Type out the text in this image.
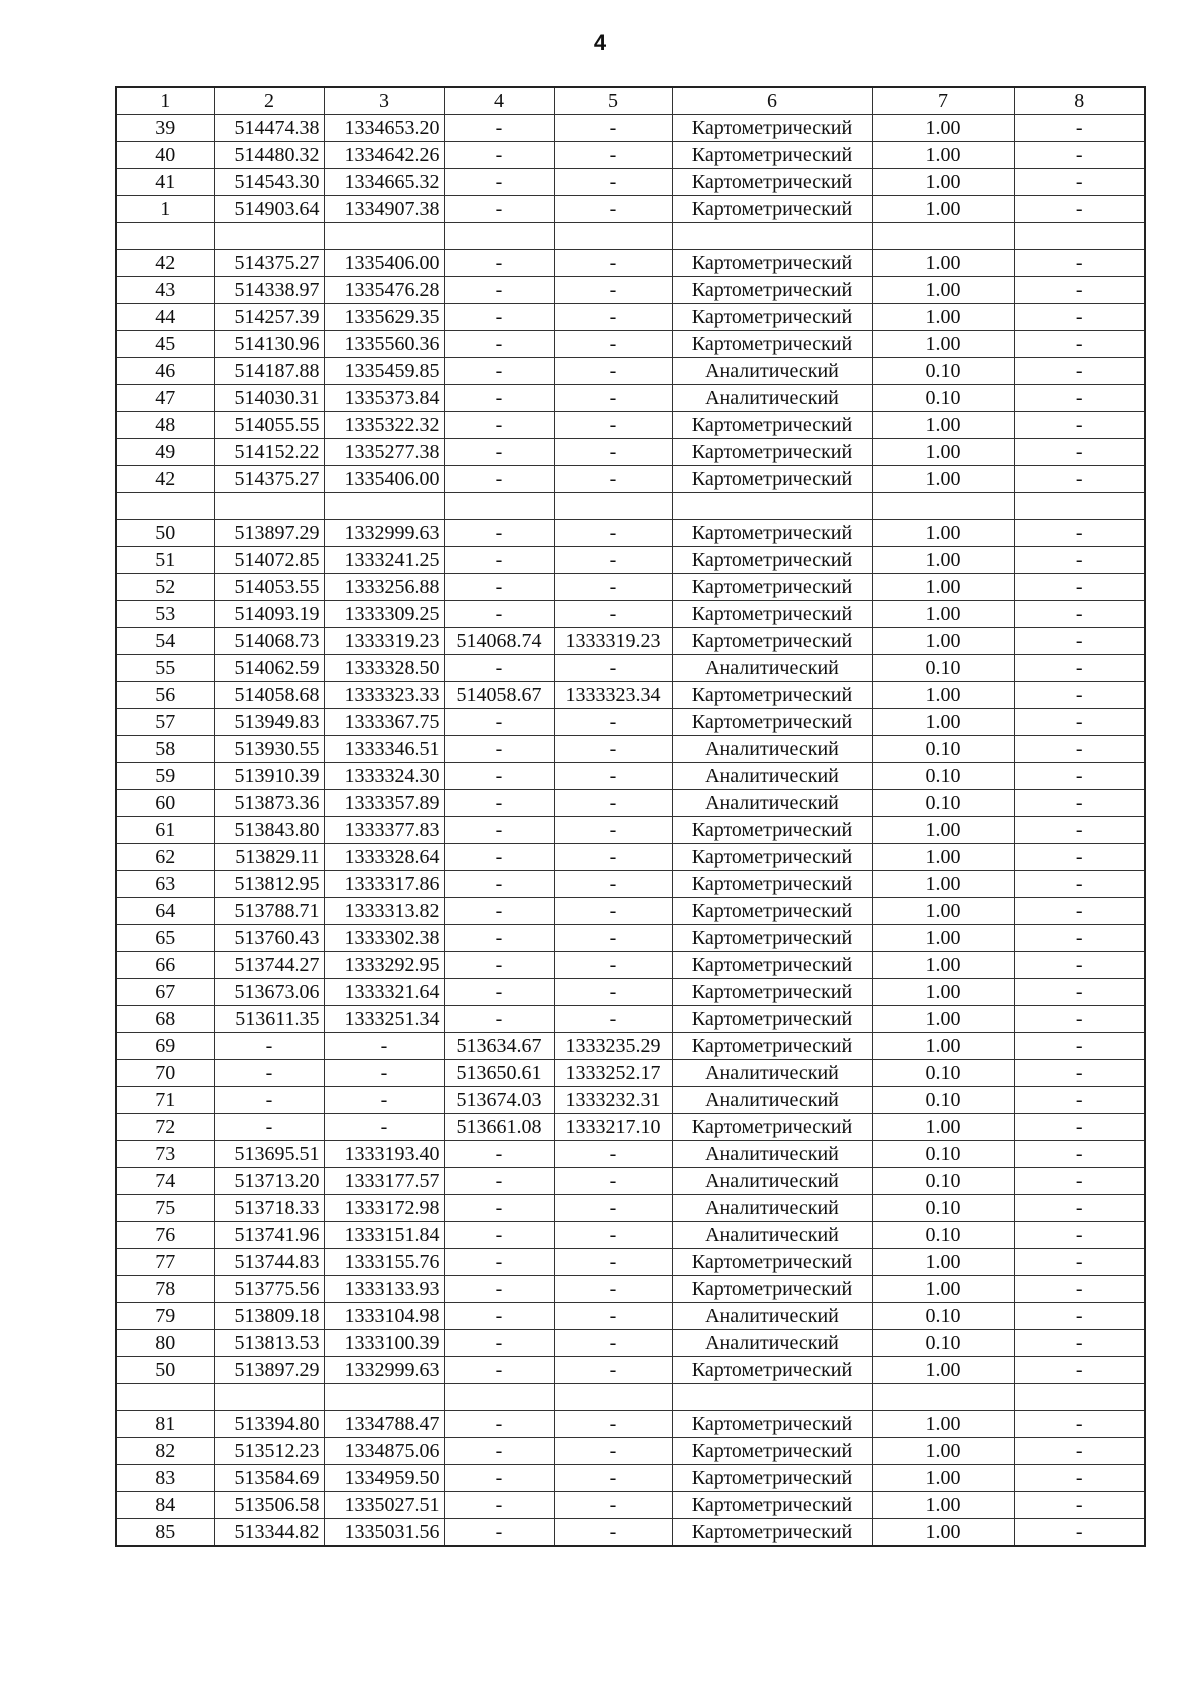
4
1	2	3	4	5	6	7	8
39	514474.38	1334653.20	-	-	Картометрический	1.00	-
40	514480.32	1334642.26	-	-	Картометрический	1.00	-
41	514543.30	1334665.32	-	-	Картометрический	1.00	-
1	514903.64	1334907.38	-	-	Картометрический	1.00	-

42	514375.27	1335406.00	-	-	Картометрический	1.00	-
43	514338.97	1335476.28	-	-	Картометрический	1.00	-
44	514257.39	1335629.35	-	-	Картометрический	1.00	-
45	514130.96	1335560.36	-	-	Картометрический	1.00	-
46	514187.88	1335459.85	-	-	Аналитический	0.10	-
47	514030.31	1335373.84	-	-	Аналитический	0.10	-
48	514055.55	1335322.32	-	-	Картометрический	1.00	-
49	514152.22	1335277.38	-	-	Картометрический	1.00	-
42	514375.27	1335406.00	-	-	Картометрический	1.00	-

50	513897.29	1332999.63	-	-	Картометрический	1.00	-
51	514072.85	1333241.25	-	-	Картометрический	1.00	-
52	514053.55	1333256.88	-	-	Картометрический	1.00	-
53	514093.19	1333309.25	-	-	Картометрический	1.00	-
54	514068.73	1333319.23	514068.74	1333319.23	Картометрический	1.00	-
55	514062.59	1333328.50	-	-	Аналитический	0.10	-
56	514058.68	1333323.33	514058.67	1333323.34	Картометрический	1.00	-
57	513949.83	1333367.75	-	-	Картометрический	1.00	-
58	513930.55	1333346.51	-	-	Аналитический	0.10	-
59	513910.39	1333324.30	-	-	Аналитический	0.10	-
60	513873.36	1333357.89	-	-	Аналитический	0.10	-
61	513843.80	1333377.83	-	-	Картометрический	1.00	-
62	513829.11	1333328.64	-	-	Картометрический	1.00	-
63	513812.95	1333317.86	-	-	Картометрический	1.00	-
64	513788.71	1333313.82	-	-	Картометрический	1.00	-
65	513760.43	1333302.38	-	-	Картометрический	1.00	-
66	513744.27	1333292.95	-	-	Картометрический	1.00	-
67	513673.06	1333321.64	-	-	Картометрический	1.00	-
68	513611.35	1333251.34	-	-	Картометрический	1.00	-
69	-	-	513634.67	1333235.29	Картометрический	1.00	-
70	-	-	513650.61	1333252.17	Аналитический	0.10	-
71	-	-	513674.03	1333232.31	Аналитический	0.10	-
72	-	-	513661.08	1333217.10	Картометрический	1.00	-
73	513695.51	1333193.40	-	-	Аналитический	0.10	-
74	513713.20	1333177.57	-	-	Аналитический	0.10	-
75	513718.33	1333172.98	-	-	Аналитический	0.10	-
76	513741.96	1333151.84	-	-	Аналитический	0.10	-
77	513744.83	1333155.76	-	-	Картометрический	1.00	-
78	513775.56	1333133.93	-	-	Картометрический	1.00	-
79	513809.18	1333104.98	-	-	Аналитический	0.10	-
80	513813.53	1333100.39	-	-	Аналитический	0.10	-
50	513897.29	1332999.63	-	-	Картометрический	1.00	-

81	513394.80	1334788.47	-	-	Картометрический	1.00	-
82	513512.23	1334875.06	-	-	Картометрический	1.00	-
83	513584.69	1334959.50	-	-	Картометрический	1.00	-
84	513506.58	1335027.51	-	-	Картометрический	1.00	-
85	513344.82	1335031.56	-	-	Картометрический	1.00	-
